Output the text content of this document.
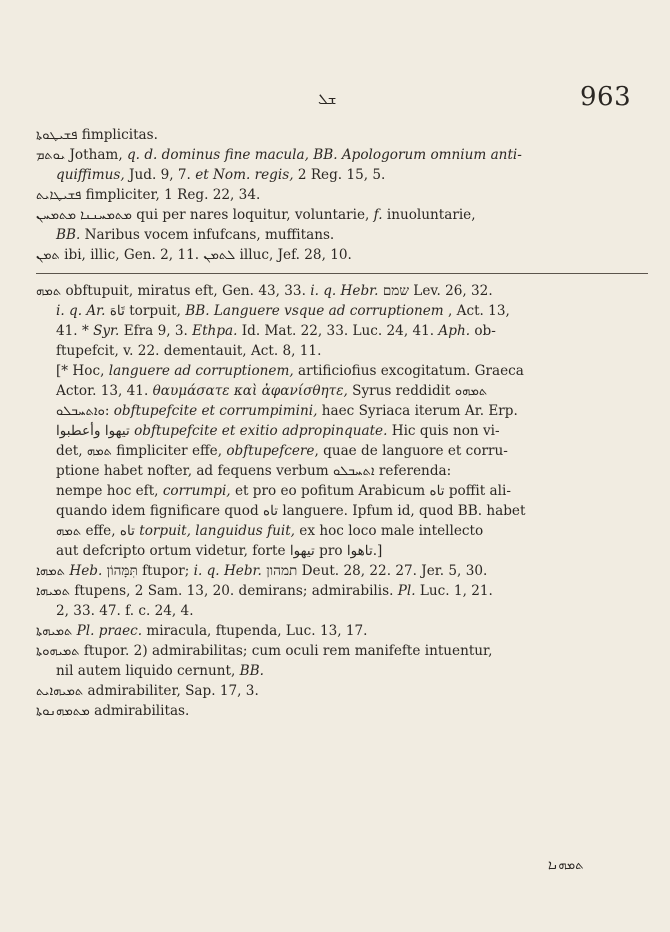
ܫܠ	963
ܦܫܝܛܘܬܐ fimplicitas.
ܝܘܬܡ Jotham, q. d. dominus fine macula, BB. Apologorum omnium anti-
quiffimus, Jud. 9, 7. et Nom. regis, 2 Reg. 15, 5.
ܦܫܝܛܐܝܬ fimpliciter, 1 Reg. 22, 34.
ܡܬܡܚܢܢܐ ܡܬܡܚܢ qui per nares loquitur, voluntarie, f. inuoluntarie,
BB. Naribus vocem infufcans, muffitans.
ܬܡܢ ibi, illic, Gen. 2, 11. ܠܬܡܢ illuc, Jef. 28, 10.
ܬܡܗ obftupuit, miratus eft, Gen. 43, 33. i. q. Hebr. שמם Lev. 26, 32.
i. q. Ar. تَاهَ torpuit, BB. Languere vsque ad corruptionem , Act. 13,
41. * Syr. Efra 9, 3. Ethpa. Id. Mat. 22, 33. Luc. 24, 41. Aph. ob-
ftupefcit, v. 22. dementauit, Act. 8, 11.
[* Hoc, languere ad corruptionem, artificiofius excogitatum. Graeca
Actor. 13, 41. θαυμάσατε καὶ ἀφανίσθητε, Syrus reddidit ܬܡܗܘ
ܘܐܬܚܒܠܘ: obftupefcite et corrumpimini, haec Syriaca iterum Ar. Erp.
تيهوا وأعطبوا obftupefcite et exitio adpropinquate. Hic quis non vi-
det, ܬܡܗ fimpliciter effe, obftupefcere, quae de languore et corru-
ptione habet nofter, ad fequens verbum ܐܬܚܒܠܘ referenda:
nempe hoc eft, corrumpi, et pro eo pofitum Arabicum تاه poffit ali-
quando idem fignificare quod تاه languere. Ipfum id, quod BB. habet
ܬܡܗ effe, تاه torpuit, languidus fuit, ex hoc loco male intellecto
aut defcripto ortum videtur, forte تيهوا pro تاهوا.]
ܬܡܗܐ Heb. תִּמָּהוֹן ftupor; i. q. Hebr. תמהון Deut. 28, 22. 27. Jer. 5, 30.
ܬܡܝܗܐ ftupens, 2 Sam. 13, 20. demirans; admirabilis. Pl. Luc. 1, 21.
2, 33. 47. f. c. 24, 4.
ܬܡܝܗܬܐ Pl. praec. miracula, ftupenda, Luc. 13, 17.
ܬܡܝܗܘܬܐ ftupor. 2) admirabilitas; cum oculi rem manifefte intuentur,
nil autem liquido cernunt, BB.
ܬܡܝܗܐܝܬ admirabiliter, Sap. 17, 3.
ܡܬܡܗܢܘܬܐ admirabilitas.
ܬܡܗܢܐ
